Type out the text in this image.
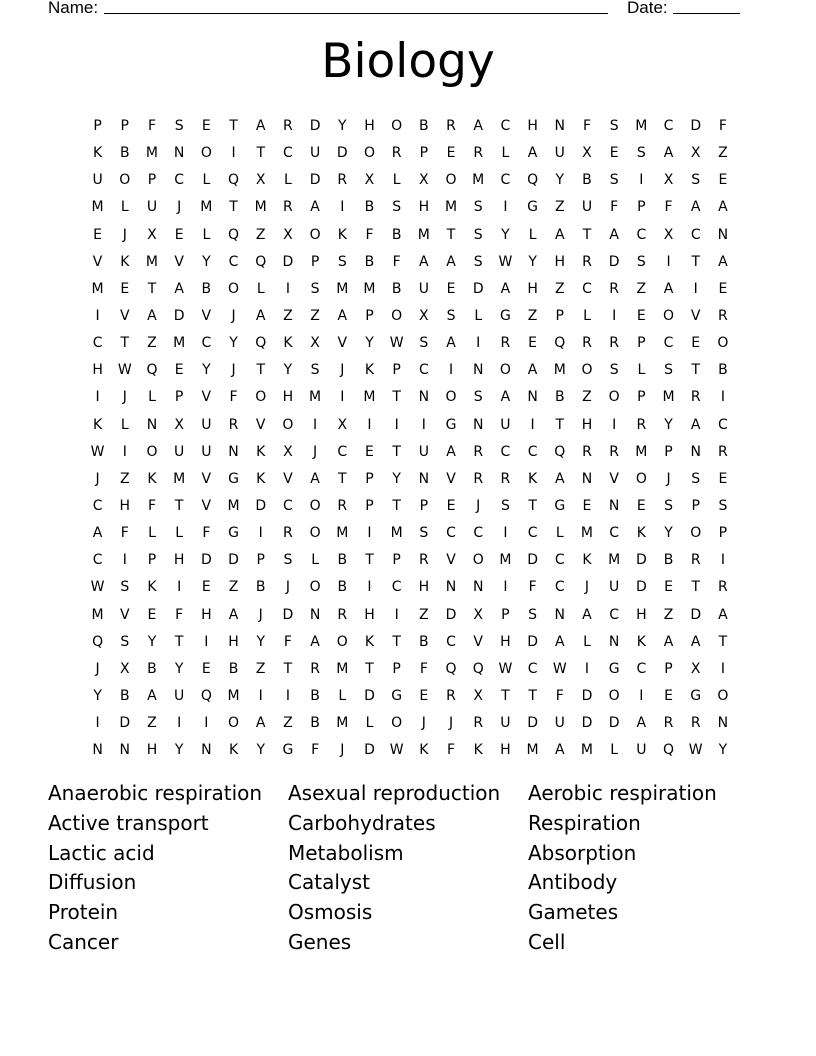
Name:	Date:
Biology
P	P	F	S	E	T	A	R	D	Y	H	O	B	R	A	C	H	N	F	S	M	C	D	F
K	B	M	N	O	I	T	C	U	D	O	R	P	E	R	L	A	U	X	E	S	A	X	Z
U	O	P	C	L	Q	X	L	D	R	X	L	X	O	M	C	Q	Y	B	S	I	X	S	E
M	L	U	J	M	T	M	R	A	I	B	S	H	M	S	I	G	Z	U	F	P	F	A	A
E	J	X	E	L	Q	Z	X	O	K	F	B	M	T	S	Y	L	A	T	A	C	X	C	N
V	K	M	V	Y	C	Q	D	P	S	B	F	A	A	S	W	Y	H	R	D	S	I	T	A
M	E	T	A	B	O	L	I	S	M	M	B	U	E	D	A	H	Z	C	R	Z	A	I	E
I	V	A	D	V	J	A	Z	Z	A	P	O	X	S	L	G	Z	P	L	I	E	O	V	R
C	T	Z	M	C	Y	Q	K	X	V	Y	W	S	A	I	R	E	Q	R	R	P	C	E	O
H	W	Q	E	Y	J	T	Y	S	J	K	P	C	I	N	O	A	M	O	S	L	S	T	B
I	J	L	P	V	F	O	H	M	I	M	T	N	O	S	A	N	B	Z	O	P	M	R	I
K	L	N	X	U	R	V	O	I	X	I	I	I	G	N	U	I	T	H	I	R	Y	A	C
W	I	O	U	U	N	K	X	J	C	E	T	U	A	R	C	C	Q	R	R	M	P	N	R
J	Z	K	M	V	G	K	V	A	T	P	Y	N	V	R	R	K	A	N	V	O	J	S	E
C	H	F	T	V	M	D	C	O	R	P	T	P	E	J	S	T	G	E	N	E	S	P	S
A	F	L	L	F	G	I	R	O	M	I	M	S	C	C	I	C	L	M	C	K	Y	O	P
C	I	P	H	D	D	P	S	L	B	T	P	R	V	O	M	D	C	K	M	D	B	R	I
W	S	K	I	E	Z	B	J	O	B	I	C	H	N	N	I	F	C	J	U	D	E	T	R
M	V	E	F	H	A	J	D	N	R	H	I	Z	D	X	P	S	N	A	C	H	Z	D	A
Q	S	Y	T	I	H	Y	F	A	O	K	T	B	C	V	H	D	A	L	N	K	A	A	T
J	X	B	Y	E	B	Z	T	R	M	T	P	F	Q	Q	W	C	W	I	G	C	P	X	I
Y	B	A	U	Q	M	I	I	B	L	D	G	E	R	X	T	T	F	D	O	I	E	G	O
I	D	Z	I	I	O	A	Z	B	M	L	O	J	J	R	U	D	U	D	D	A	R	R	N
N	N	H	Y	N	K	Y	G	F	J	D	W	K	F	K	H	M	A	M	L	U	Q	W	Y
Anaerobic respiration	Asexual reproduction	Aerobic respiration
Active transport	Carbohydrates	Respiration
Lactic acid	Metabolism	Absorption
Diffusion	Catalyst	Antibody
Protein	Osmosis	Gametes
Cancer	Genes	Cell
